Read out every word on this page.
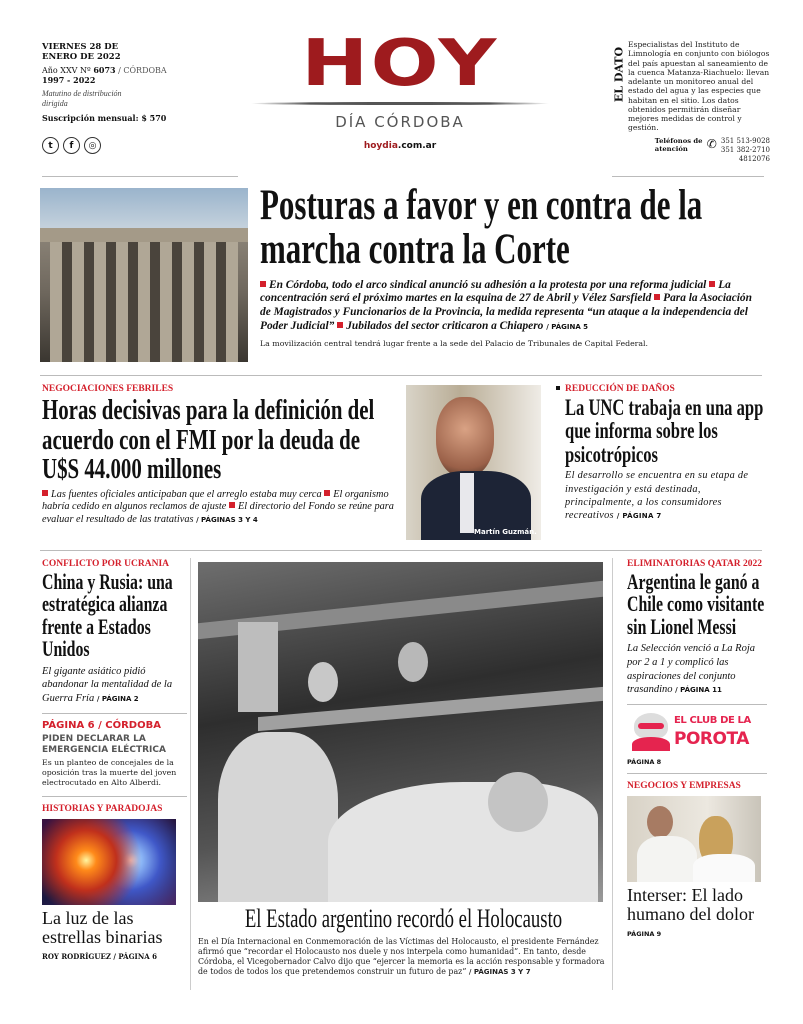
VIERNES 28 DE ENERO DE 2022
Año XXV Nº 6073 / CÓRDOBA
1997 - 2022
Matutino de distribución dirigida
Suscripción mensual: $ 570
t f ◎
HOY
DÍA CÓRDOBA
hoydia.com.ar
EL DATO
Especialistas del Instituto de Limnología en conjunto con biólogos del país apuestan al saneamiento de la cuenca Matanza-Riachuelo: llevan adelante un monitoreo anual del estado del agua y las especies que habitan en el sitio. Los datos obtenidos permitirán diseñar mejores medidas de control y gestión.
Teléfonos de atención	✆ 351 513-9028
351 382-2710
4812076
Posturas a favor y en contra de la marcha contra la Corte
En Córdoba, todo el arco sindical anunció su adhesión a la protesta por una reforma judicial La concentración será el próximo martes en la esquina de 27 de Abril y Vélez Sarsfield Para la Asociación de Magistrados y Funcionarios de la Provincia, la medida representa “un ataque a la independencia del Poder Judicial” Jubilados del sector criticaron a Chiapero / PÁGINA 5
La movilización central tendrá lugar frente a la sede del Palacio de Tribunales de Capital Federal.
NEGOCIACIONES FEBRILES
Horas decisivas para la definición del acuerdo con el FMI por la deuda de U$S 44.000 millones
Las fuentes oficiales anticipaban que el arreglo estaba muy cerca El organismo habría cedido en algunos reclamos de ajuste El directorio del Fondo se reúne para evaluar el resultado de las tratativas / PÁGINAS 3 Y 4
Martín Guzmán.
REDUCCIÓN DE DAÑOS
La UNC trabaja en una app que informa sobre los psicotrópicos
El desarrollo se encuentra en su etapa de investigación y está destinada, principalmente, a los consumidores recreativos / PÁGINA 7
CONFLICTO POR UCRANIA
China y Rusia: una estratégica alianza frente a Estados Unidos
El gigante asiático pidió abandonar la mentalidad de la Guerra Fría / PÁGINA 2
PÁGINA 6 / CÓRDOBA
PIDEN DECLARAR LA EMERGENCIA ELÉCTRICA
Es un planteo de concejales de la oposición tras la muerte del joven electrocutado en Alto Alberdi.
HISTORIAS Y PARADOJAS
La luz de las estrellas binarias
ROY RODRÍGUEZ / PÁGINA 6
El Estado argentino recordó el Holocausto
En el Día Internacional en Conmemoración de las Víctimas del Holocausto, el presidente Fernández afirmó que “recordar el Holocausto nos duele y nos interpela como humanidad”. En tanto, desde Córdoba, el Vicegobernador Calvo dijo que “ejercer la memoria es la acción responsable y formadora de todos de todos los que pretendemos construir un futuro de paz” / PÁGINAS 3 Y 7
ELIMINATORIAS QATAR 2022
Argentina le ganó a Chile como visitante sin Lionel Messi
La Selección venció a La Roja por 2 a 1 y complicó las aspiraciones del conjunto trasandino / PÁGINA 11
EL CLUB DE LA
POROTA
PÁGINA 8
NEGOCIOS Y EMPRESAS
Interser: El lado humano del dolor
PÁGINA 9
